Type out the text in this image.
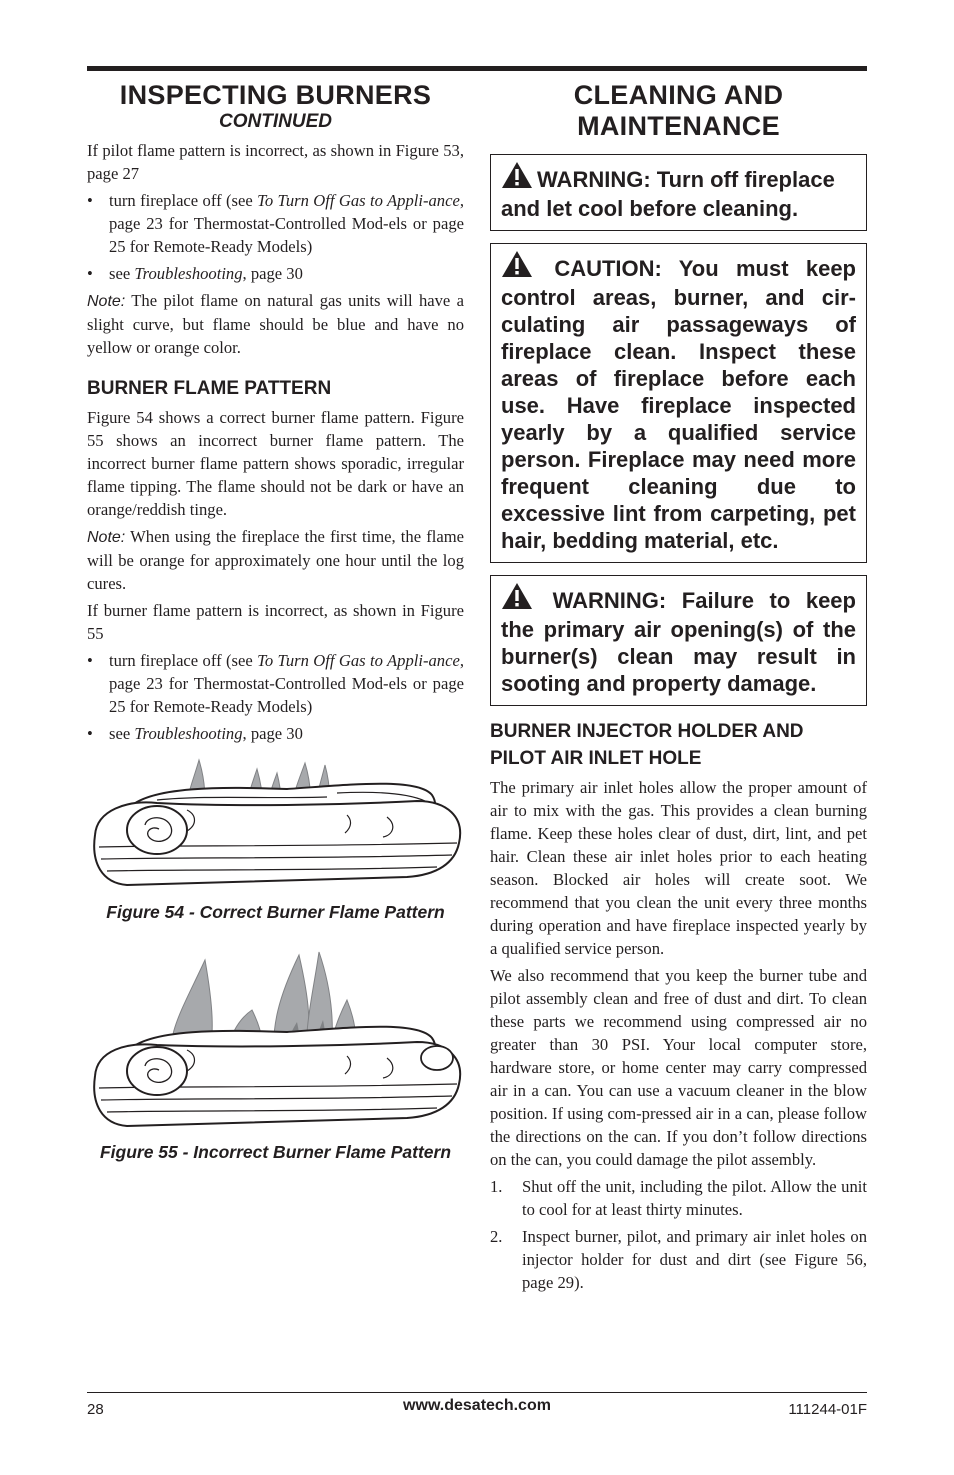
INSPECTING BURNERS
CONTINUED

If pilot flame pattern is incorrect, as shown in Figure 53, page 27

• turn fireplace off (see To Turn Off Gas to Appli-ance, page 23 for Thermostat-Controlled Mod-els or page 25 for Remote-Ready Models)
• see Troubleshooting, page 30

Note: The pilot flame on natural gas units will have a slight curve, but flame should be blue and have no yellow or orange color.

BURNER FLAME PATTERN

Figure 54 shows a correct burner flame pattern. Figure 55 shows an incorrect burner flame pattern. The incorrect burner flame pattern shows sporadic, irregular flame tipping. The flame should not be dark or have an orange/reddish tinge.

Note: When using the fireplace the first time, the flame will be orange for approximately one hour until the log cures.

If burner flame pattern is incorrect, as shown in Figure 55

• turn fireplace off (see To Turn Off Gas to Appli-ance, page 23 for Thermostat-Controlled Mod-els or page 25 for Remote-Ready Models)
• see Troubleshooting, page 30
Figure 54 - Correct Burner Flame Pattern
Figure 55 - Incorrect Burner Flame Pattern
CLEANING AND
MAINTENANCE
WARNING: Turn off fireplace and let cool before cleaning.
CAUTION: You must keep control areas, burner, and cir-culating air passageways of fireplace clean. Inspect these areas of fireplace before each use. Have fireplace inspected yearly by a qualified service person. Fireplace may need more frequent cleaning due to excessive lint from carpeting, pet hair, bedding material, etc.
WARNING: Failure to keep the primary air opening(s) of the burner(s) clean may result in sooting and property damage.
BURNER INJECTOR HOLDER AND
PILOT AIR INLET HOLE

The primary air inlet holes allow the proper amount of air to mix with the gas. This provides a clean burning flame. Keep these holes clear of dust, dirt, lint, and pet hair. Clean these air inlet holes prior to each heating season. Blocked air holes will create soot. We recommend that you clean the unit every three months during operation and have fireplace inspected yearly by a qualified service person.

We also recommend that you keep the burner tube and pilot assembly clean and free of dust and dirt. To clean these parts we recommend using compressed air no greater than 30 PSI. Your local computer store, hardware store, or home center may carry compressed air in a can. You can use a vacuum cleaner in the blow position. If using com-pressed air in a can, please follow the directions on the can. If you don’t follow directions on the can, you could damage the pilot assembly.

1. Shut off the unit, including the pilot. Allow the unit to cool for at least thirty minutes.
2. Inspect burner, pilot, and primary air inlet holes on injector holder for dust and dirt (see Figure 56, page 29).
28	www.desatech.com	111244-01F
